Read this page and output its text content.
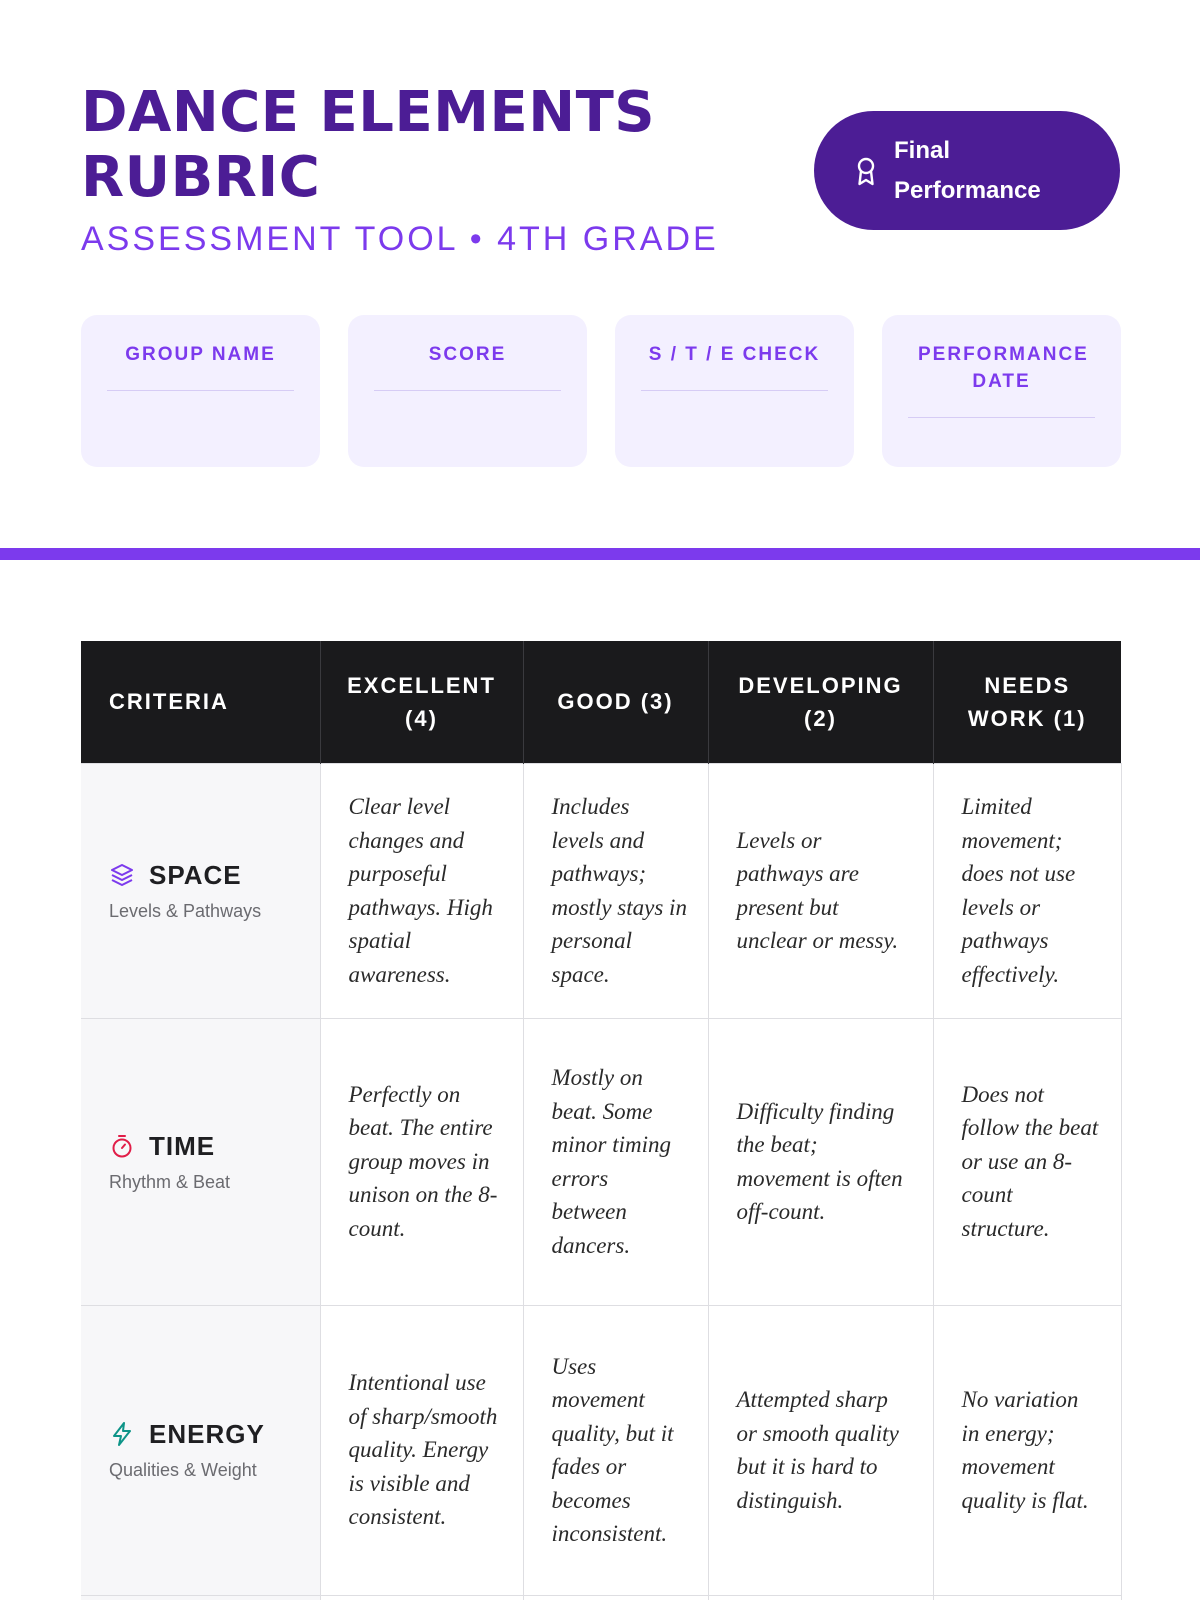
DANCE ELEMENTS RUBRIC
ASSESSMENT TOOL • 4TH GRADE
Final Performance
GROUP NAME	SCORE	S / T / E CHECK	PERFORMANCE DATE
CRITERIA	EXCELLENT (4)	GOOD (3)	DEVELOPING (2)	NEEDS WORK (1)

SPACE
Levels & Pathways	Clear level changes and purposeful pathways. High spatial awareness.	Includes levels and pathways; mostly stays in personal space.	Levels or pathways are present but unclear or messy.	Limited movement; does not use levels or pathways effectively.

TIME
Rhythm & Beat	Perfectly on beat. The entire group moves in unison on the 8-count.	Mostly on beat. Some minor timing errors between dancers.	Difficulty finding the beat; movement is often off-count.	Does not follow the beat or use an 8-count structure.

ENERGY
Qualities & Weight	Intentional use of sharp/smooth quality. Energy is visible and consistent.	Uses movement quality, but it fades or becomes inconsistent.	Attempted sharp or smooth quality but it is hard to distinguish.	No variation in energy; movement quality is flat.
